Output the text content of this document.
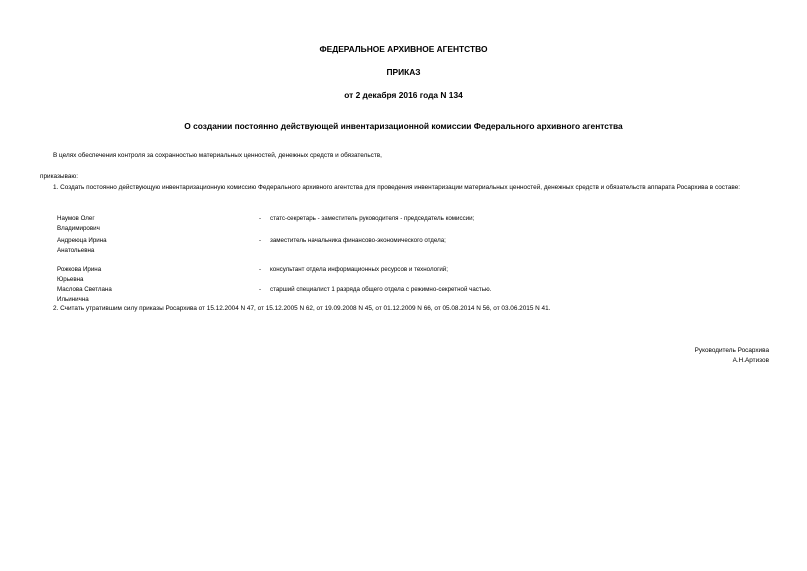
ФЕДЕРАЛЬНОЕ АРХИВНОЕ АГЕНТСТВО
ПРИКАЗ
от 2 декабря 2016 года N 134
О создании постоянно действующей инвентаризационной комиссии Федерального архивного агентства
В целях обеспечения контроля за сохранностью материальных ценностей, денежных средств и обязательств,
приказываю:
1. Создать постоянно действующую инвентаризационную комиссию Федерального архивного агентства для проведения инвентаризации материальных ценностей, денежных средств и обязательств аппарата Росархива в составе:
Наумов Олег
Владимирович
- статс-секретарь - заместитель руководителя - председатель комиссии;
Андреюца Ирина
Анатольевна
- заместитель начальника финансово-экономического отдела;
Рожкова Ирина
Юрьевна
- консультант отдела информационных ресурсов и технологий;
Маслова Светлана
Ильинична
- старший специалист 1 разряда общего отдела с режимно-секретной частью.
2. Считать утратившим силу приказы Росархива от 15.12.2004 N 47, от 15.12.2005 N 62, от 19.09.2008 N 45, от 01.12.2009 N 66, от 05.08.2014 N 56, от 03.06.2015 N 41.
Руководитель Росархива
А.Н.Артизов
